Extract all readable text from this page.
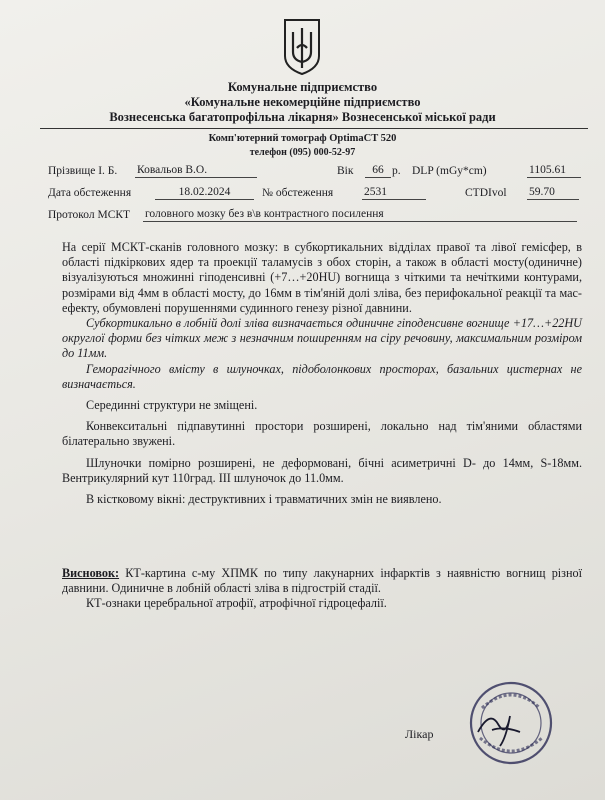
Комунальне підприємство
«Комунальне некомерційне підприємство
Вознесенська багатопрофільна лікарня» Вознесенської міської ради
Комп'ютерний томограф OptimaCT 520
телефон (095) 000-52-97
Прізвище І. Б. Ковальов В.О.	Вік	66 р. DLP (mGy*cm)	1105.61
Дата обстеження	18.02.2024	№ обстеження	2531	CTDIvol 59.70
Протокол МСКТ головного мозку без в\в контрастного посилення

На серії МСКТ-сканів головного мозку: в субкортикальних відділах правої та лівої гемісфер, в області підкіркових ядер та проекції таламусів з обох сторін, а також в області мосту(одиничне) візуалізуються множинні гіподенсивні (+7…+20HU) вогнища з чіткими та нечіткими контурами, розмірами від 4мм в області мосту, до 16мм в тім'яній долі зліва, без перифокальної реакції та мас-ефекту, обумовлені порушеннями судинного генезу різної давнини.

Субкортикально в лобній долі зліва визначається одиничне гіподенсивне вогнище +17…+22HU округлої форми без чітких меж з незначним поширенням на сіру речовину, максимальним розміром до 11мм.

Геморагічного вмісту в шлуночках, підоболонкових просторах, базальних цистернах не визначається.

Серединні структури не зміщені.

Конвекситальні підпавутинні простори розширені, локально над тім'яними областями білатерально звужені.

Шлуночки помірно розширені, не деформовані, бічні асиметричні D- до 14мм, S-18мм. Вентрикулярний кут 110град. ІІІ шлуночок до 11.0мм.

В кістковому вікні: деструктивних і травматичних змін не виявлено.

Висновок: КТ-картина с-му ХПМК по типу лакунарних інфарктів з наявністю вогнищ різної давнини. Одиничне в лобній області зліва в підгострій стадії.

КТ-ознаки церебральної атрофії, атрофічної гідроцефалії.

Лікар
